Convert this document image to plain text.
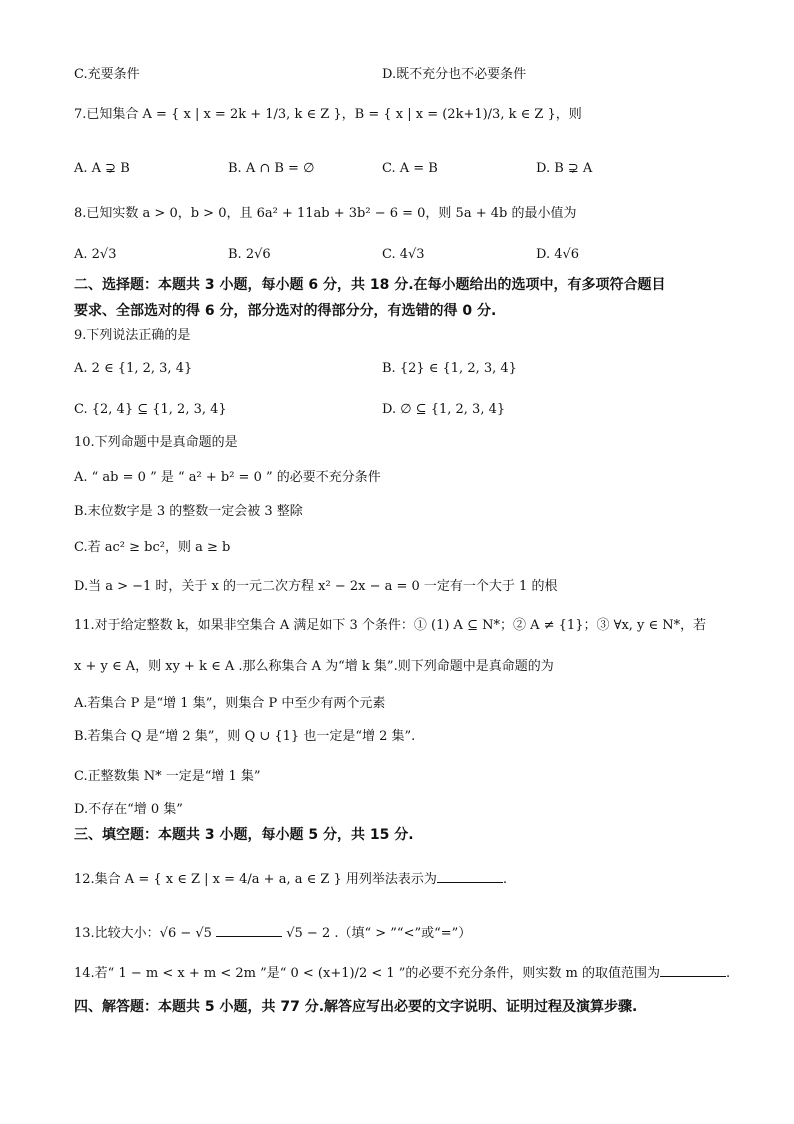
C.充要条件	D.既不充分也不必要条件
7.已知集合 A = { x | x = 2k + 1/3, k ∈ Z }，B = { x | x = (2k+1)/3, k ∈ Z }，则
A. A ⊋ B	B. A ∩ B = ∅	C. A = B	D. B ⊋ A
8.已知实数 a > 0，b > 0，且 6a² + 11ab + 3b² − 6 = 0，则 5a + 4b 的最小值为
A. 2√3	B. 2√6	C. 4√3	D. 4√6
二、选择题：本题共 3 小题，每小题 6 分，共 18 分.在每小题给出的选项中，有多项符合题目
要求、全部选对的得 6 分，部分选对的得部分分，有选错的得 0 分.
9.下列说法正确的是
A. 2 ∈ {1, 2, 3, 4}	B. {2} ∈ {1, 2, 3, 4}
C. {2, 4} ⊆ {1, 2, 3, 4}	D. ∅ ⊆ {1, 2, 3, 4}
10.下列命题中是真命题的是
A. “ ab = 0 ” 是 “ a² + b² = 0 ” 的必要不充分条件
B.末位数字是 3 的整数一定会被 3 整除
C.若 ac² ≥ bc²，则 a ≥ b
D.当 a > −1 时，关于 x 的一元二次方程 x² − 2x − a = 0 一定有一个大于 1 的根
11.对于给定整数 k，如果非空集合 A 满足如下 3 个条件：① (1) A ⊆ N*；② A ≠ {1}；③ ∀x, y ∈ N*，若
x + y ∈ A，则 xy + k ∈ A .那么称集合 A 为“增 k 集”.则下列命题中是真命题的为
A.若集合 P 是“增 1 集”，则集合 P 中至少有两个元素
B.若集合 Q 是“增 2 集”，则 Q ∪ {1} 也一定是“增 2 集”.
C.正整数集 N* 一定是“增 1 集”
D.不存在“增 0 集”
三、填空题：本题共 3 小题，每小题 5 分，共 15 分.
12.集合 A = { x ∈ Z | x = 4/a + a, a ∈ Z } 用列举法表示为	.
13.比较大小：√6 − √5	√5 − 2 .（填“ > ”“<”或“=”）
14.若“ 1 − m < x + m < 2m ”是“ 0 < (x+1)/2 < 1 ”的必要不充分条件，则实数 m 的取值范围为	.
四、解答题：本题共 5 小题，共 77 分.解答应写出必要的文字说明、证明过程及演算步骤.
